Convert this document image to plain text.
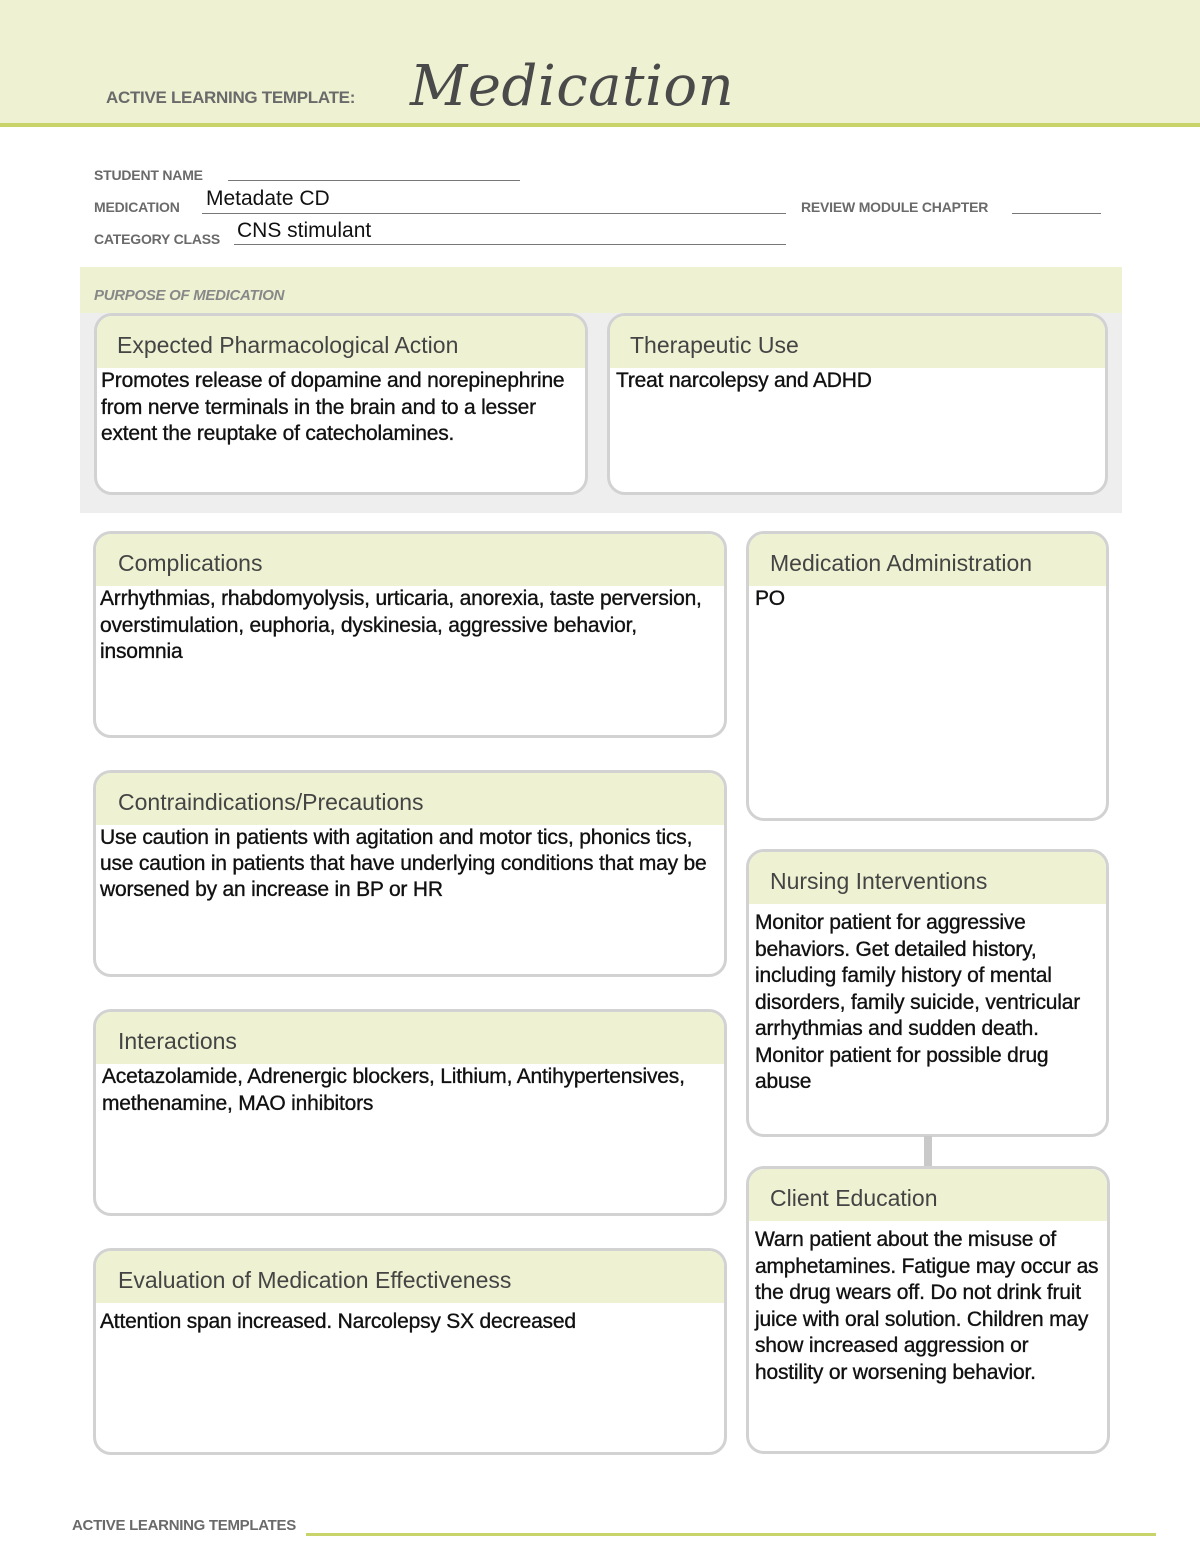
ACTIVE LEARNING TEMPLATE: Medication
STUDENT NAME
MEDICATION Metadate CD	REVIEW MODULE CHAPTER
CATEGORY CLASS CNS stimulant
PURPOSE OF MEDICATION
Expected Pharmacological Action
Promotes release of dopamine and norepinephrine from nerve terminals in the brain and to a lesser extent the reuptake of catecholamines.
Therapeutic Use
Treat narcolepsy and ADHD
Complications
Arrhythmias, rhabdomyolysis, urticaria, anorexia, taste perversion, overstimulation, euphoria, dyskinesia, aggressive behavior, insomnia
Contraindications/Precautions
Use caution in patients with agitation and motor tics, phonics tics, use caution in patients that have underlying conditions that may be worsened by an increase in BP or HR
Interactions
Acetazolamide, Adrenergic blockers, Lithium, Antihypertensives, methenamine, MAO inhibitors
Evaluation of Medication Effectiveness
Attention span increased. Narcolepsy SX decreased
Medication Administration
PO
Nursing Interventions
Monitor patient for aggressive behaviors. Get detailed history, including family history of mental disorders, family suicide, ventricular arrhythmias and sudden death. Monitor patient for possible drug abuse
Client Education
Warn patient about the misuse of amphetamines. Fatigue may occur as the drug wears off. Do not drink fruit juice with oral solution. Children may show increased aggression or hostility or worsening behavior.
ACTIVE LEARNING TEMPLATES
